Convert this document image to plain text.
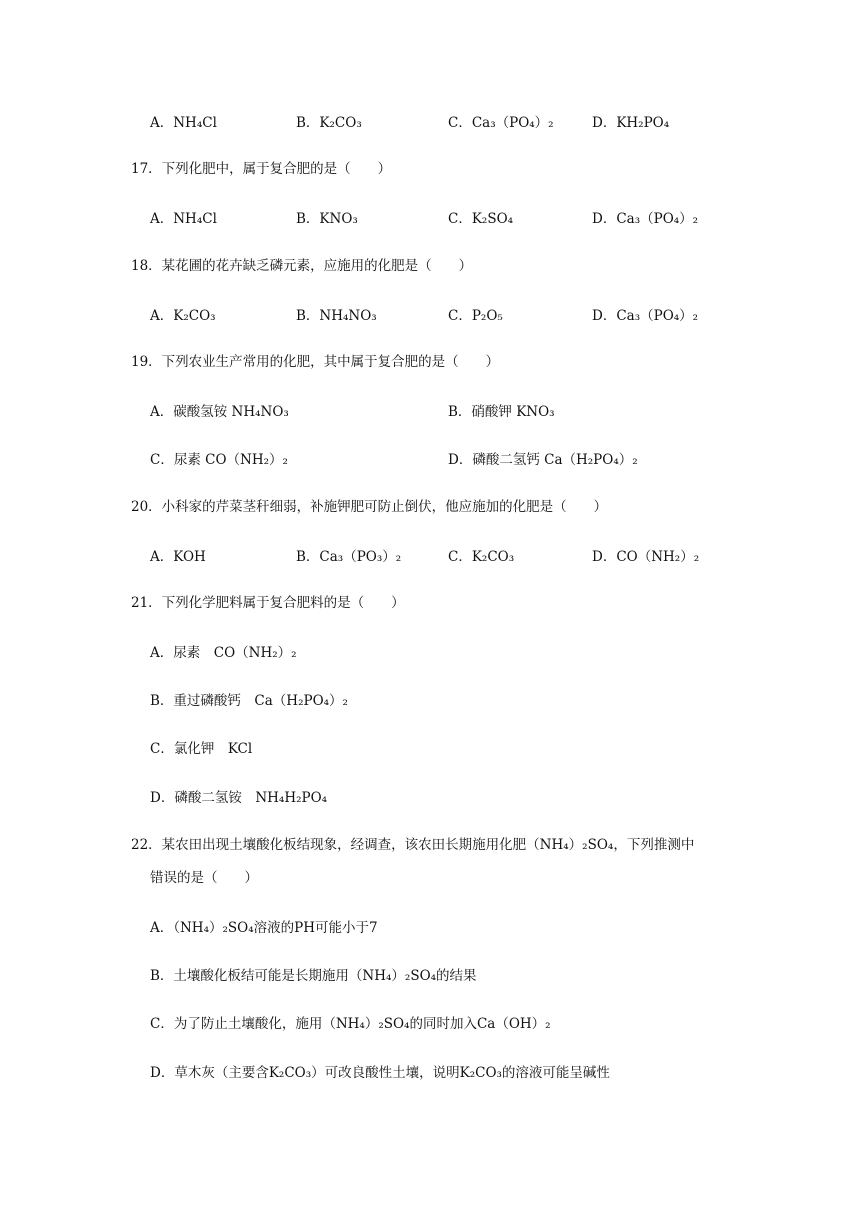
A．NH₄Cl	B．K₂CO₃	C．Ca₃（PO₄）₂	D．KH₂PO₄
17．下列化肥中，属于复合肥的是（　　）
A．NH₄Cl	B．KNO₃	C．K₂SO₄	D．Ca₃（PO₄）₂
18．某花圃的花卉缺乏磷元素，应施用的化肥是（　　）
A．K₂CO₃	B．NH₄NO₃	C．P₂O₅	D．Ca₃（PO₄）₂
19．下列农业生产常用的化肥，其中属于复合肥的是（　　）
A．碳酸氢铵 NH₄NO₃	B．硝酸钾 KNO₃
C．尿素 CO（NH₂）₂	D．磷酸二氢钙 Ca（H₂PO₄）₂
20．小科家的芹菜茎秆细弱，补施钾肥可防止倒伏，他应施加的化肥是（　　）
A．KOH	B．Ca₃（PO₃）₂	C．K₂CO₃	D．CO（NH₂）₂
21．下列化学肥料属于复合肥料的是（　　）
A．尿素　CO（NH₂）₂
B．重过磷酸钙　Ca（H₂PO₄）₂
C．氯化钾　KCl
D．磷酸二氢铵　NH₄H₂PO₄
22．某农田出现土壤酸化板结现象，经调查，该农田长期施用化肥（NH₄）₂SO₄，下列推测中
错误的是（　　）
A．（NH₄）₂SO₄溶液的PH可能小于7
B．土壤酸化板结可能是长期施用（NH₄）₂SO₄的结果
C．为了防止土壤酸化，施用（NH₄）₂SO₄的同时加入Ca（OH）₂
D．草木灰（主要含K₂CO₃）可改良酸性土壤，说明K₂CO₃的溶液可能呈碱性
